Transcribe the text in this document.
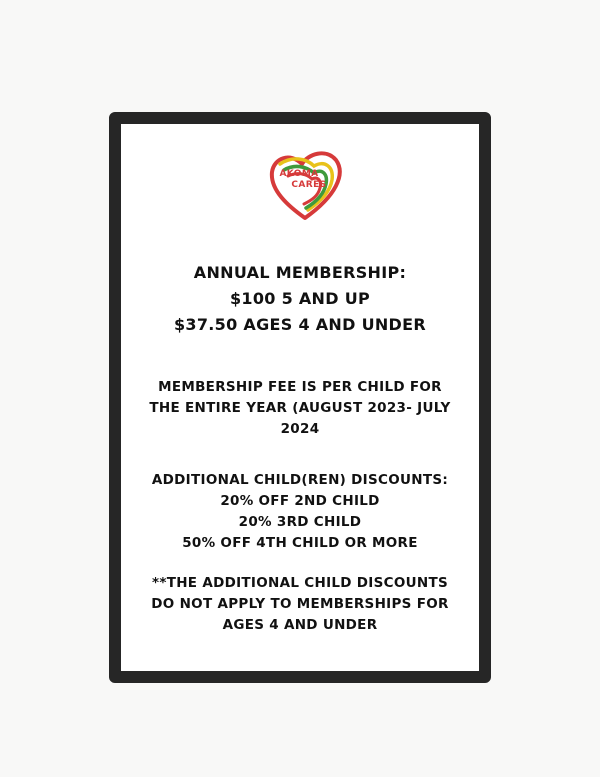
AKOMA
CARES
ANNUAL MEMBERSHIP:
$100 5 AND UP
$37.50 AGES 4 AND UNDER
MEMBERSHIP FEE IS PER CHILD FOR
THE ENTIRE YEAR (AUGUST 2023- JULY
2024
ADDITIONAL CHILD(REN) DISCOUNTS:
20% OFF 2ND CHILD
20% 3RD CHILD
50% OFF 4TH CHILD OR MORE
**THE ADDITIONAL CHILD DISCOUNTS
DO NOT APPLY TO MEMBERSHIPS FOR
AGES 4 AND UNDER
